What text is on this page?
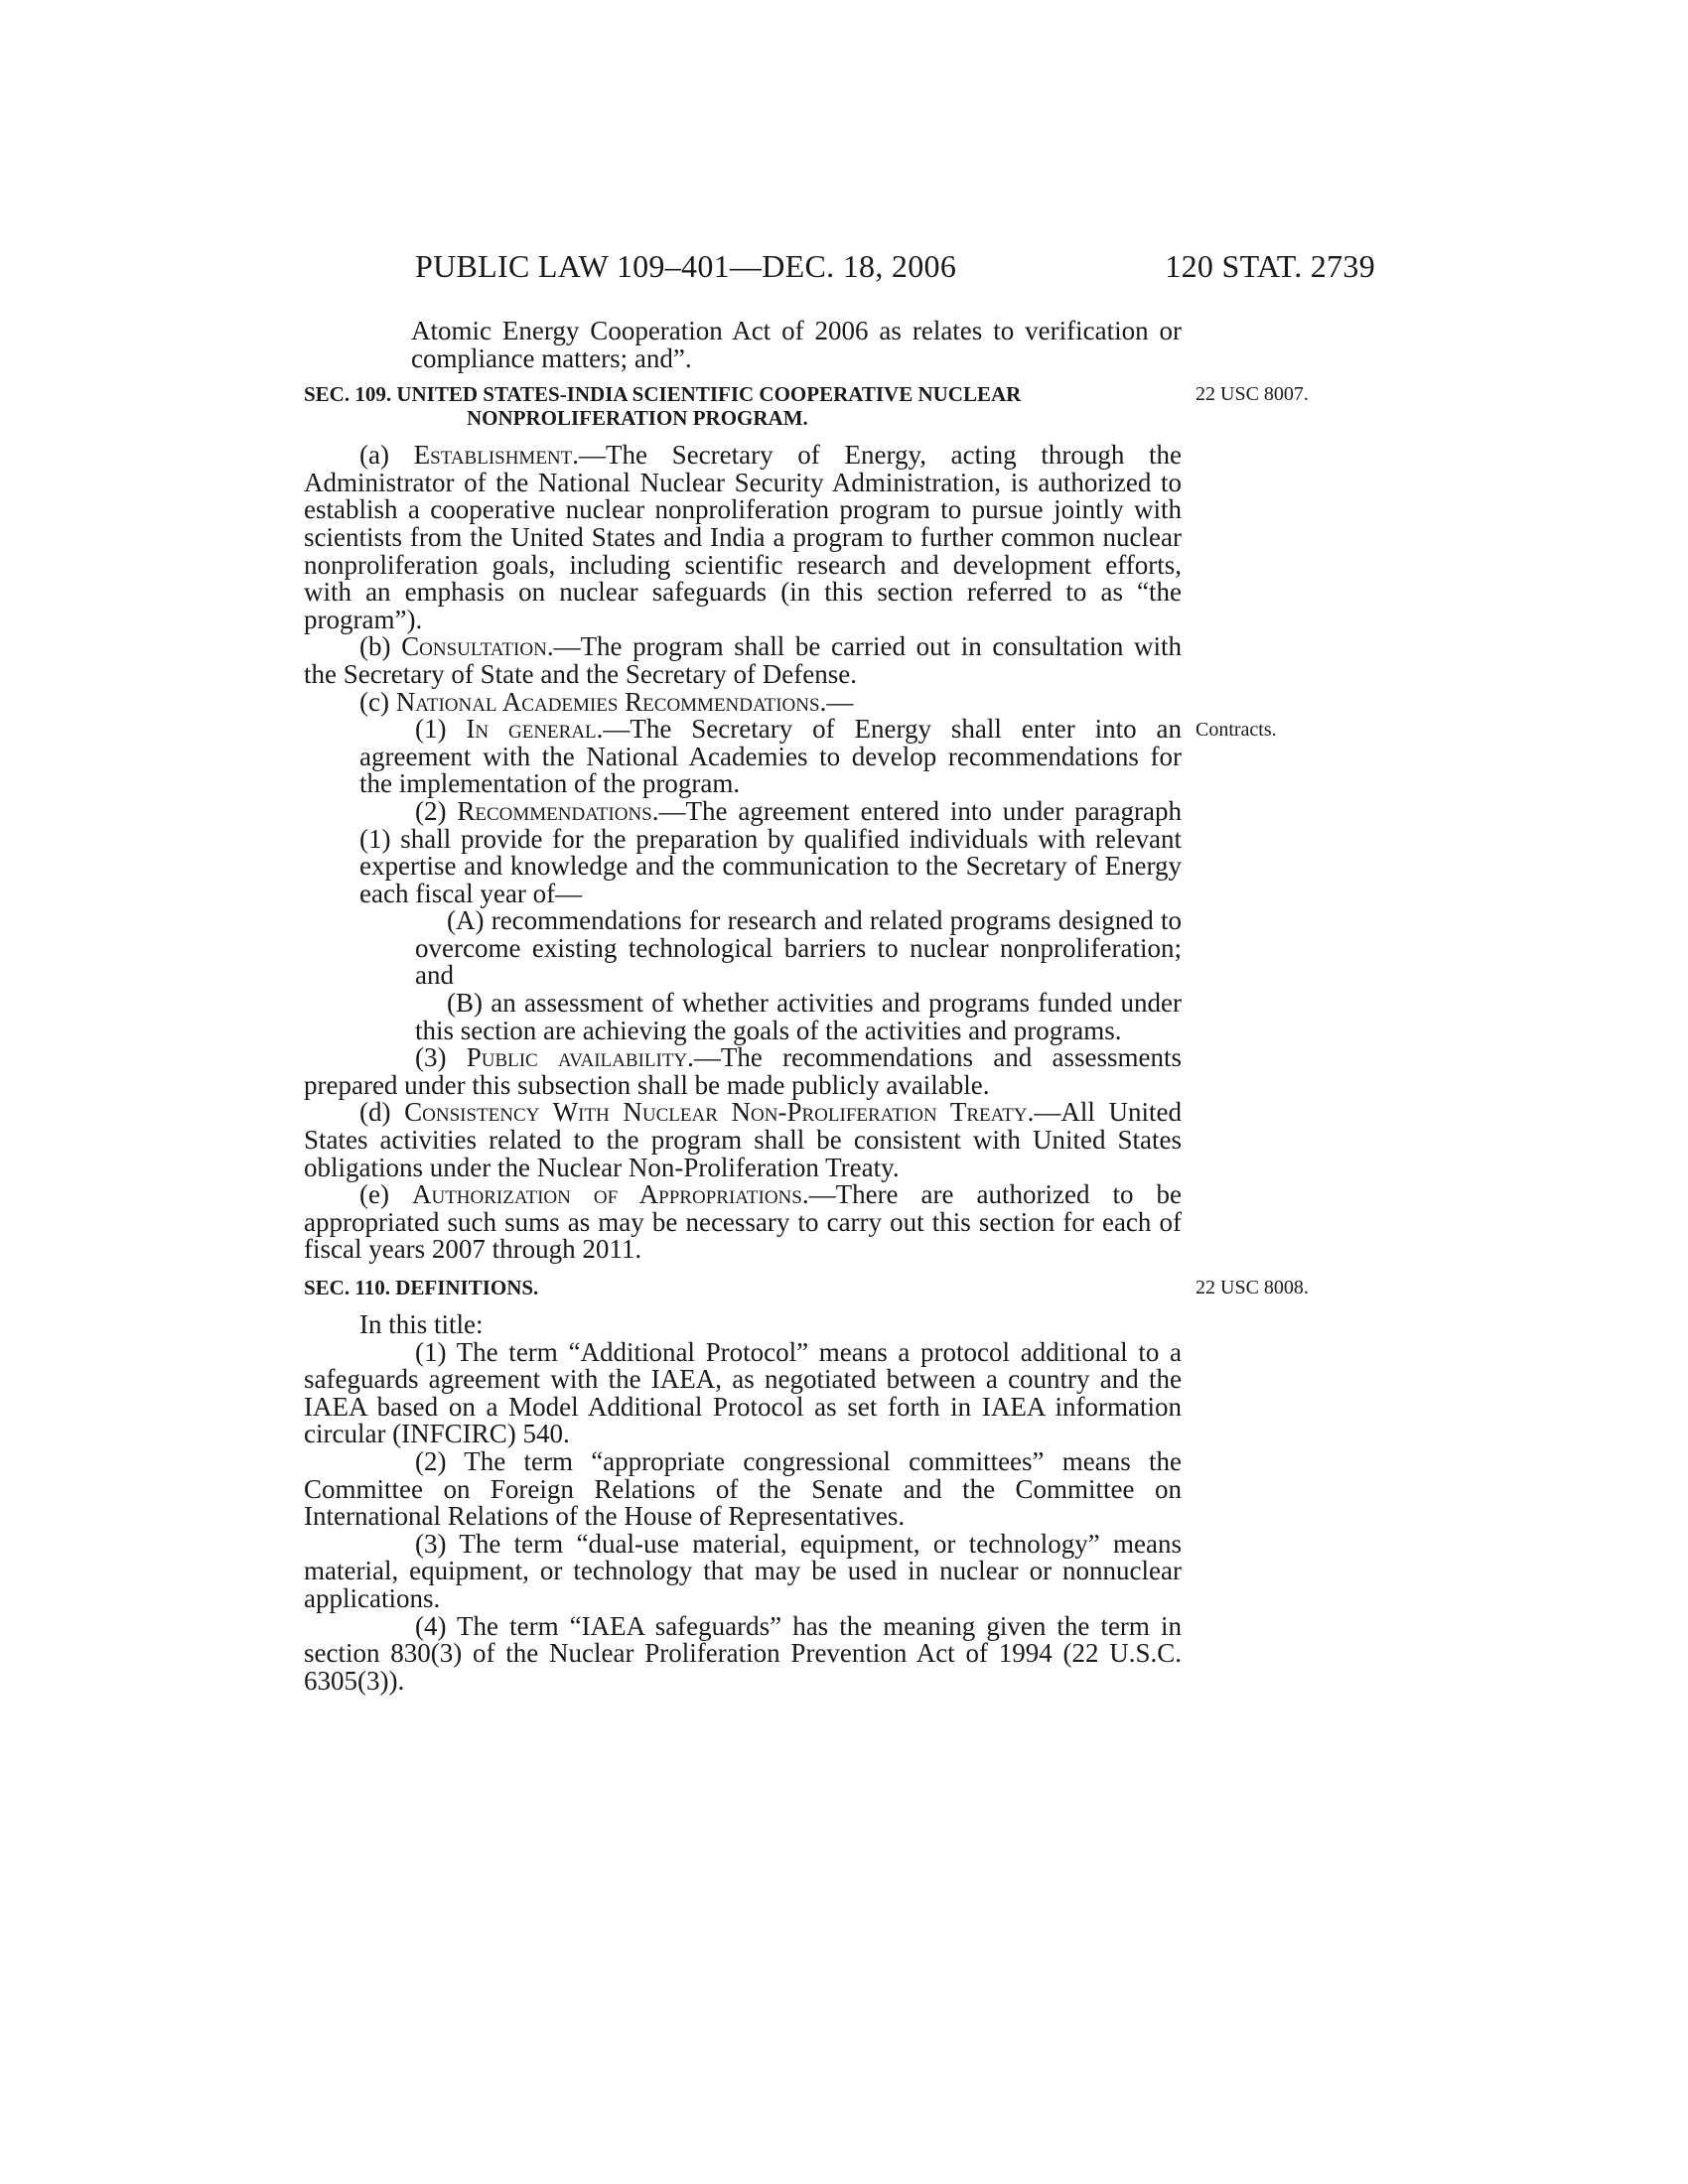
PUBLIC LAW 109–401—DEC. 18, 2006	120 STAT. 2739

Atomic Energy Cooperation Act of 2006 as relates to verification or compliance matters; and”.

SEC. 109. UNITED STATES-INDIA SCIENTIFIC COOPERATIVE NUCLEAR
NONPROLIFERATION PROGRAM.
22 USC 8007.

(a) Establishment.—The Secretary of Energy, acting through the Administrator of the National Nuclear Security Administration, is authorized to establish a cooperative nuclear nonproliferation program to pursue jointly with scientists from the United States and India a program to further common nuclear nonproliferation goals, including scientific research and development efforts, with an emphasis on nuclear safeguards (in this section referred to as “the program”).

(b) Consultation.—The program shall be carried out in consultation with the Secretary of State and the Secretary of Defense.

(c) National Academies Recommendations.—

(1) In general.—The Secretary of Energy shall enter into an agreement with the National Academies to develop recommendations for the implementation of the program.
Contracts.

(2) Recommendations.—The agreement entered into under paragraph (1) shall provide for the preparation by qualified individuals with relevant expertise and knowledge and the communication to the Secretary of Energy each fiscal year of—

(A) recommendations for research and related programs designed to overcome existing technological barriers to nuclear nonproliferation; and

(B) an assessment of whether activities and programs funded under this section are achieving the goals of the activities and programs.

(3) Public availability.—The recommendations and assessments prepared under this subsection shall be made publicly available.

(d) Consistency With Nuclear Non-Proliferation Treaty.—All United States activities related to the program shall be consistent with United States obligations under the Nuclear Non-Proliferation Treaty.

(e) Authorization of Appropriations.—There are authorized to be appropriated such sums as may be necessary to carry out this section for each of fiscal years 2007 through 2011.

SEC. 110. DEFINITIONS.	22 USC 8008.

In this title:

(1) The term “Additional Protocol” means a protocol additional to a safeguards agreement with the IAEA, as negotiated between a country and the IAEA based on a Model Additional Protocol as set forth in IAEA information circular (INFCIRC) 540.

(2) The term “appropriate congressional committees” means the Committee on Foreign Relations of the Senate and the Committee on International Relations of the House of Representatives.

(3) The term “dual-use material, equipment, or technology” means material, equipment, or technology that may be used in nuclear or nonnuclear applications.

(4) The term “IAEA safeguards” has the meaning given the term in section 830(3) of the Nuclear Proliferation Prevention Act of 1994 (22 U.S.C. 6305(3)).
